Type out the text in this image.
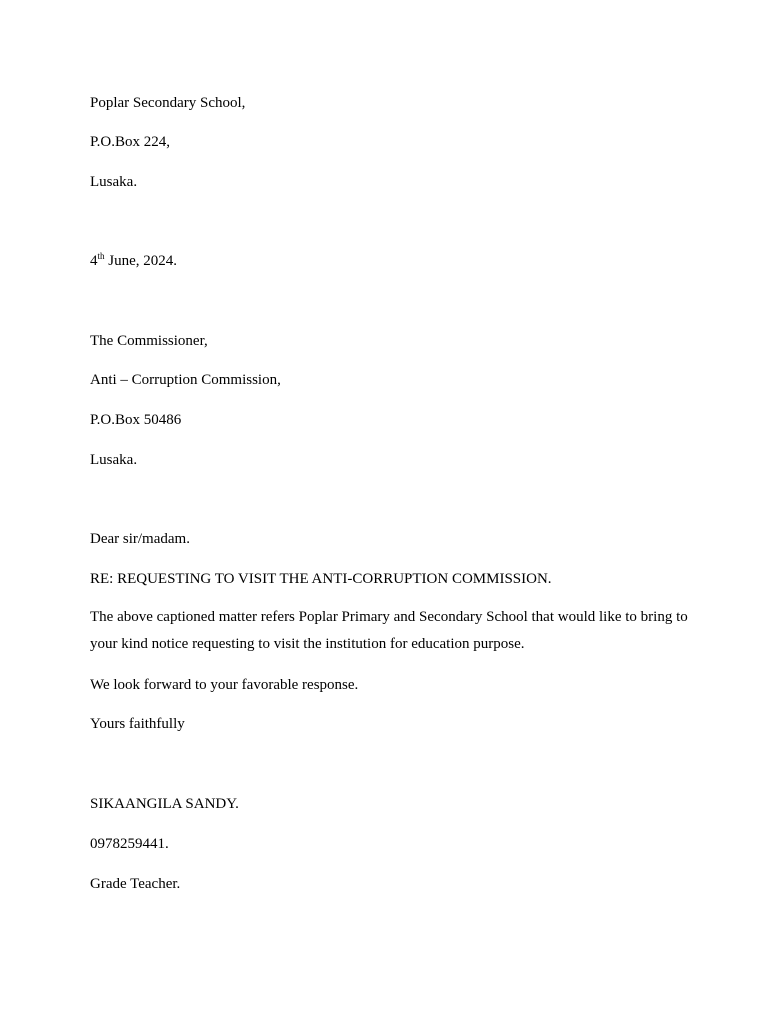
Poplar Secondary School,
P.O.Box 224,
Lusaka.
4th June, 2024.
The Commissioner,
Anti – Corruption Commission,
P.O.Box 50486
Lusaka.
Dear sir/madam.
RE: REQUESTING TO VISIT THE ANTI-CORRUPTION COMMISSION.
The above captioned matter refers Poplar Primary and Secondary School that would like to bring to your kind notice requesting to visit the institution for education purpose.
We look forward to your favorable response.
Yours faithfully
SIKAANGILA SANDY.
0978259441.
Grade Teacher.
